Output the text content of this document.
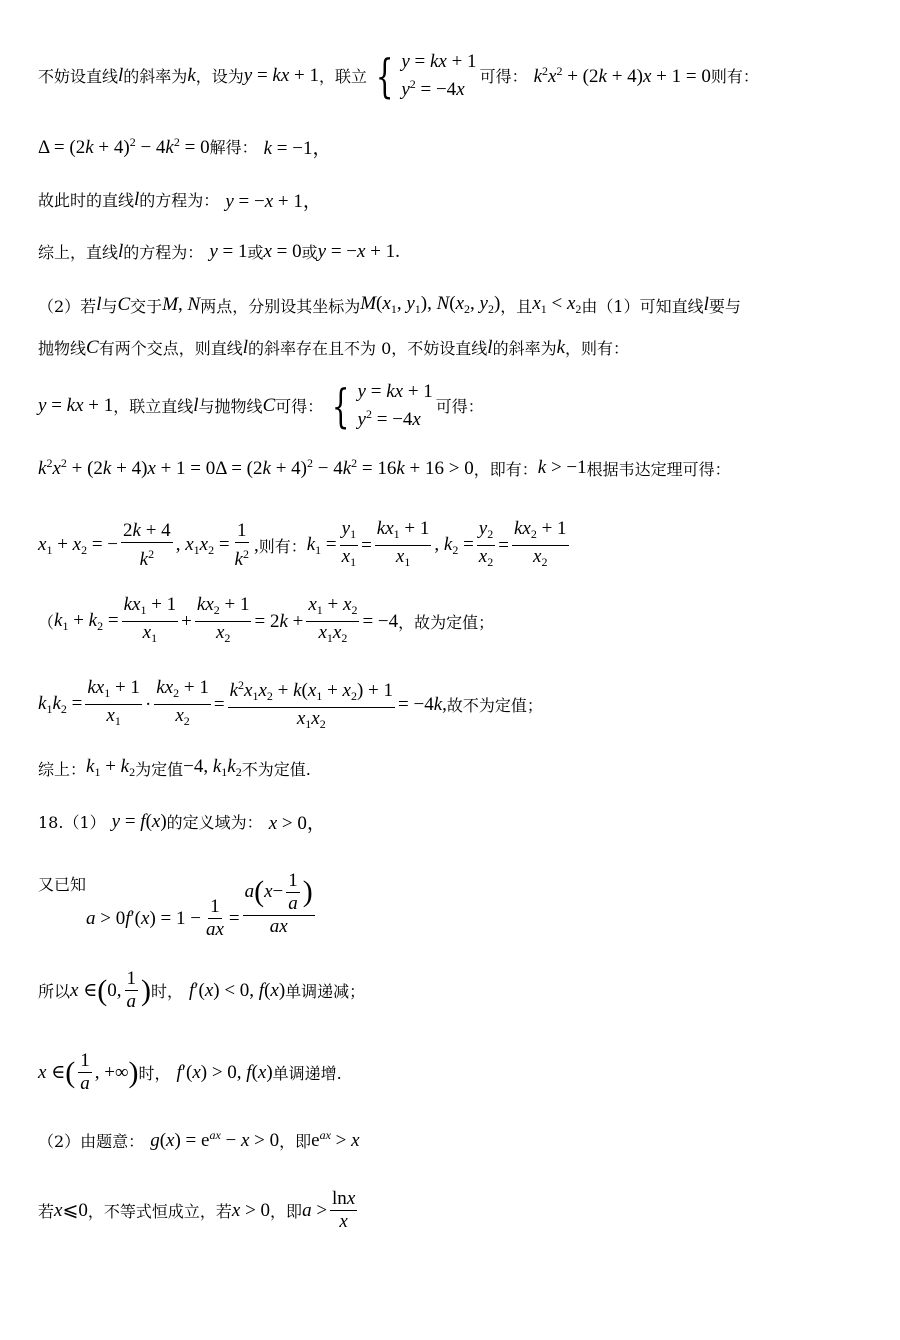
不妨设直线 l 的斜率为 k ，设为 y = kx + 1 ，联立 { y = kx + 1
$y^2 = -4x$
可得： $k^2x^2 + (2k + 4)x + 1 = 0$ 则有：
$\Delta = (2k + 4)^2 - 4k^2 = 0$ 解得： k = −1，
故此时的直线 l 的方程为： y = −x + 1，
综上，直线 l 的方程为： y = 1 或 x = 0 或 y = −x + 1.
（2）若 l 与 C 交于 M, N 两点，分别设其坐标为 $M(x_1$, $y_1$), $N(x_2$, $y_2$) ，且 $x_1 < x_2$ 由（1）可知直线 l 要与
抛物线 C 有两个交点，则直线 l 的斜率存在且不为 0，不妨设直线 l 的斜率为 k ，则有：
y = kx + 1 ，联立直线 l 与抛物线 C 可得： { y = kx + 1
$y^2 = -4x$
可得：
$k^2x^2 + (2k + 4)x + 1 = 0\Delta = (2k + 4)^2 - 4k^2 = 16k + 16 > 0$ ，即有： k > −1 根据韦达定理可得：
$x_1 + x_2$ = − $\frac{2k + 4}{k^2}$ , $x_1x_2 = \frac{1}{k^2}$ , 则有： $k_1 = \frac{y_1}{x_1} = \frac{kx_1 + 1}{x_1}$ , $k_2 = \frac{y_2}{x_2} = \frac{kx_2 + 1}{x_2}$
（ $k_1 + k_2 = \frac{kx_1 + 1}{x_1} + \frac{kx_2 + 1}{x_2} = 2k + \frac{x_1 + x_2}{x_1x_2} = -4$ ，故为定值；
$k_1k_2 = \frac{kx_1 + 1}{x_1} \cdot \frac{kx_2 + 1}{x_2} = \frac{k^2x_1x_2 + k(x_1 + x_2) + 1}{x_1x_2} = -4k$, 故不为定值；
综上： $k_1 + k_2$ 为定值 −4, $k_1k_2$ 不为定值.
18.（1） y = f(x) 的定义域为： x > 0，
又已知
$a > 0f'(x) = 1 - \frac{1}{ax} = \frac{a ( x - \frac{1}{a} )}{ax}$
所以 x ∈ ( 0, $\frac{1}{a}$ ) 时， f′(x) < 0, f(x) 单调递减；
x ∈ ( $\frac{1}{a}$ , +∞ ) 时， f′(x) > 0, f(x) 单调递增.
（2）由题意： $g(x) = e^{ax} - x > 0$ ，即 $e^{ax} > x$
若 x⩽0 ，不等式恒成立，若 x > 0 ，即 $a > \frac{\ln x}{x}$
